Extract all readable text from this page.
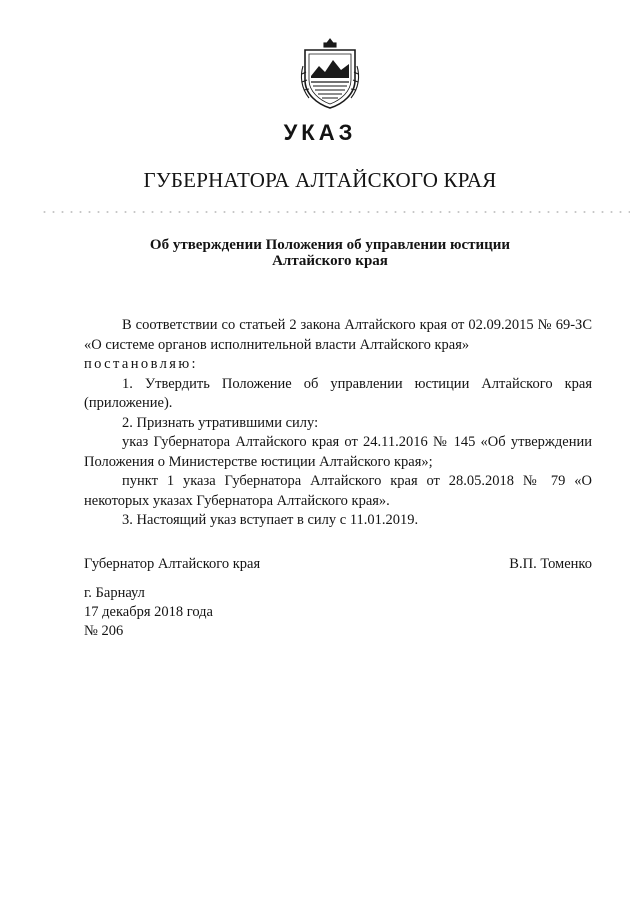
УКАЗ
ГУБЕРНАТОРА АЛТАЙСКОГО КРАЯ
Об утверждении Положения об управлении юстиции
Алтайского края

В соответствии со статьей 2 закона Алтайского края от 02.09.2015 № 69-ЗС «О системе органов исполнительной власти Алтайского края»

постановляю:

1. Утвердить Положение об управлении юстиции Алтайского края (приложение).

2. Признать утратившими силу:

указ Губернатора Алтайского края от 24.11.2016 № 145 «Об утверждении Положения о Министерстве юстиции Алтайского края»;

пункт 1 указа Губернатора Алтайского края от 28.05.2018 № 79 «О некоторых указах Губернатора Алтайского края».

3. Настоящий указ вступает в силу с 11.01.2019.

Губернатор Алтайского края	В.П. Томенко
г. Барнаул
17 декабря 2018 года
№ 206
